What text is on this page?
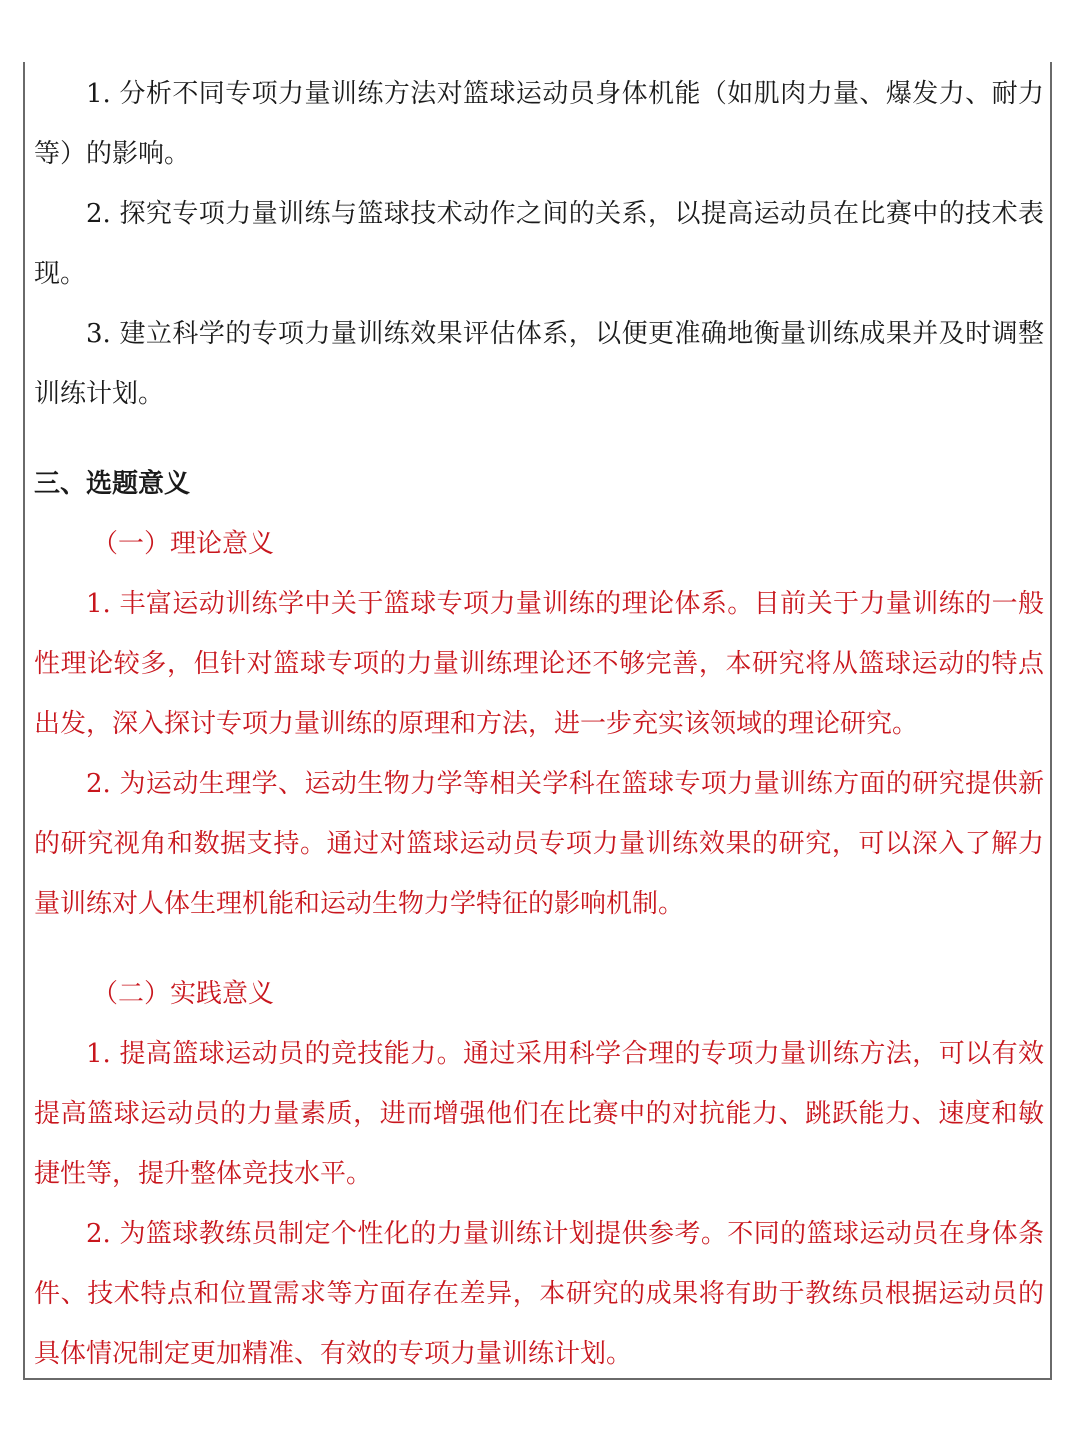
1. 分析不同专项力量训练方法对篮球运动员身体机能（如肌肉力量、爆发力、耐力等）的影响。

2. 探究专项力量训练与篮球技术动作之间的关系，以提高运动员在比赛中的技术表现。

3. 建立科学的专项力量训练效果评估体系，以便更准确地衡量训练成果并及时调整训练计划。

三、选题意义

（一）理论意义

1. 丰富运动训练学中关于篮球专项力量训练的理论体系。目前关于力量训练的一般性理论较多，但针对篮球专项的力量训练理论还不够完善，本研究将从篮球运动的特点出发，深入探讨专项力量训练的原理和方法，进一步充实该领域的理论研究。

2. 为运动生理学、运动生物力学等相关学科在篮球专项力量训练方面的研究提供新的研究视角和数据支持。通过对篮球运动员专项力量训练效果的研究，可以深入了解力量训练对人体生理机能和运动生物力学特征的影响机制。

（二）实践意义

1. 提高篮球运动员的竞技能力。通过采用科学合理的专项力量训练方法，可以有效提高篮球运动员的力量素质，进而增强他们在比赛中的对抗能力、跳跃能力、速度和敏捷性等，提升整体竞技水平。

2. 为篮球教练员制定个性化的力量训练计划提供参考。不同的篮球运动员在身体条件、技术特点和位置需求等方面存在差异，本研究的成果将有助于教练员根据运动员的具体情况制定更加精准、有效的专项力量训练计划。
